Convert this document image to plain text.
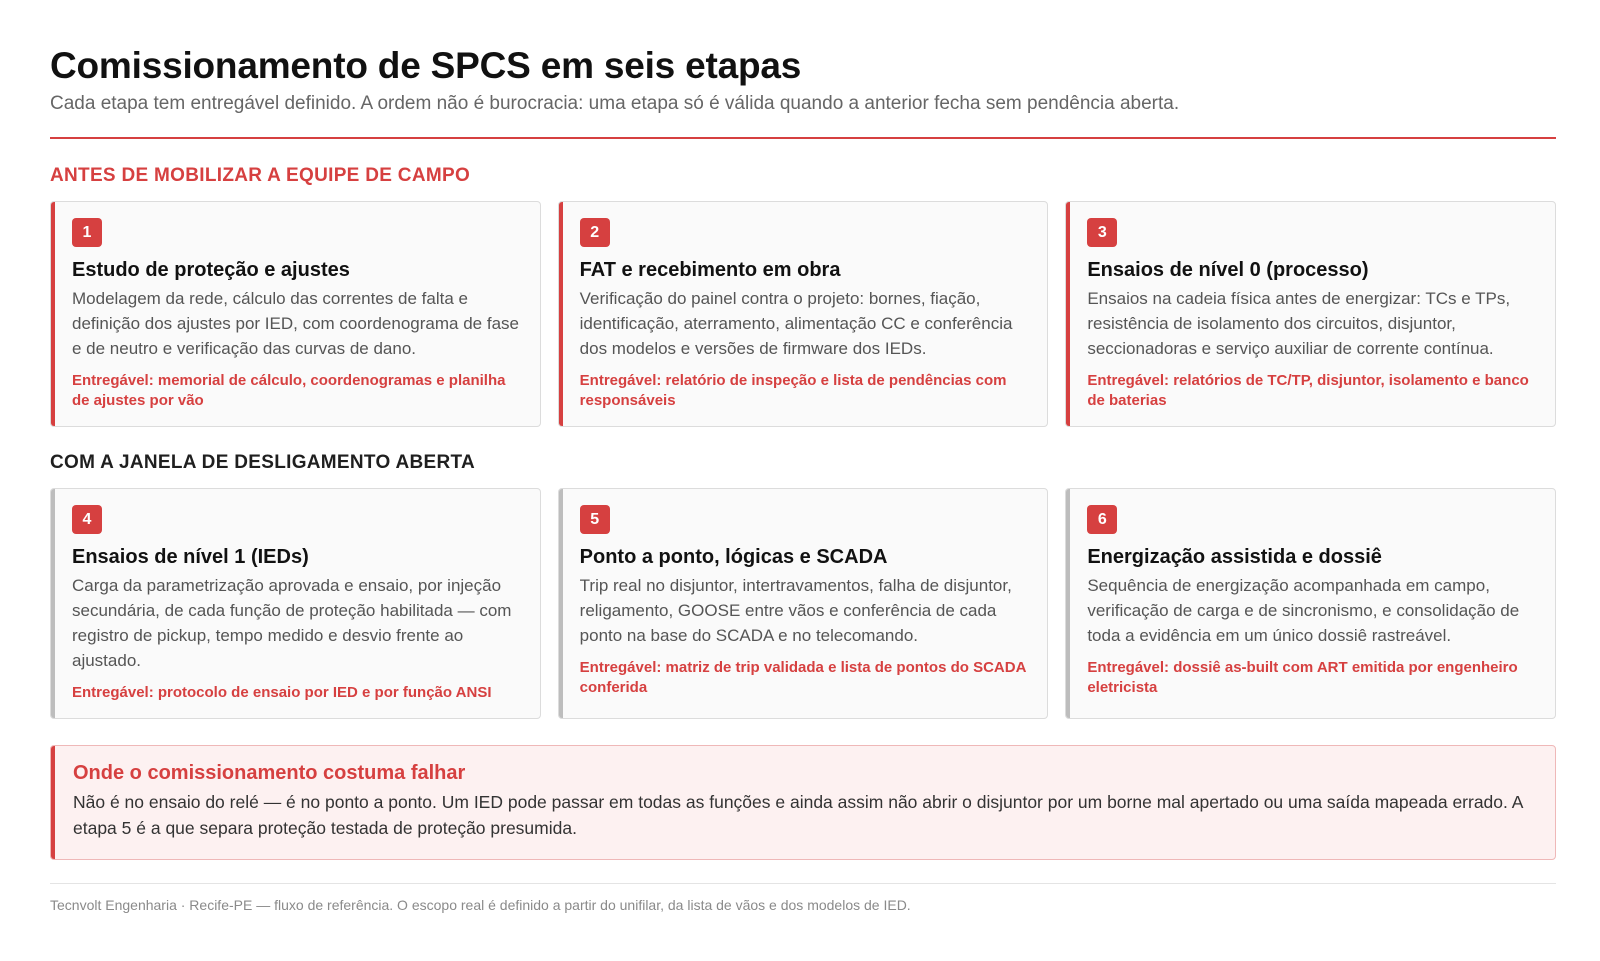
Comissionamento de SPCS em seis etapas

Cada etapa tem entregável definido. A ordem não é burocracia: uma etapa só é válida quando a anterior fecha sem pendência aberta.

ANTES DE MOBILIZAR A EQUIPE DE CAMPO
1
Estudo de proteção e ajustes

Modelagem da rede, cálculo das correntes de falta e definição dos ajustes por IED, com coordenograma de fase e de neutro e verificação das curvas de dano.

Entregável: memorial de cálculo, coordenogramas e planilha de ajustes por vão

2
FAT e recebimento em obra

Verificação do painel contra o projeto: bornes, fiação, identificação, aterramento, alimentação CC e conferência dos modelos e versões de firmware dos IEDs.

Entregável: relatório de inspeção e lista de pendências com responsáveis

3
Ensaios de nível 0 (processo)

Ensaios na cadeia física antes de energizar: TCs e TPs, resistência de isolamento dos circuitos, disjuntor, seccionadoras e serviço auxiliar de corrente contínua.

Entregável: relatórios de TC/TP, disjuntor, isolamento e banco de baterias

COM A JANELA DE DESLIGAMENTO ABERTA
4
Ensaios de nível 1 (IEDs)

Carga da parametrização aprovada e ensaio, por injeção secundária, de cada função de proteção habilitada — com registro de pickup, tempo medido e desvio frente ao ajustado.

Entregável: protocolo de ensaio por IED e por função ANSI

5
Ponto a ponto, lógicas e SCADA

Trip real no disjuntor, intertravamentos, falha de disjuntor, religamento, GOOSE entre vãos e conferência de cada ponto na base do SCADA e no telecomando.

Entregável: matriz de trip validada e lista de pontos do SCADA conferida

6
Energização assistida e dossiê

Sequência de energização acompanhada em campo, verificação de carga e de sincronismo, e consolidação de toda a evidência em um único dossiê rastreável.

Entregável: dossiê as-built com ART emitida por engenheiro eletricista

Onde o comissionamento costuma falhar

Não é no ensaio do relé — é no ponto a ponto. Um IED pode passar em todas as funções e ainda assim não abrir o disjuntor por um borne mal apertado ou uma saída mapeada errado. A etapa 5 é a que separa proteção testada de proteção presumida.

Tecnvolt Engenharia · Recife-PE — fluxo de referência. O escopo real é definido a partir do unifilar, da lista de vãos e dos modelos de IED.
